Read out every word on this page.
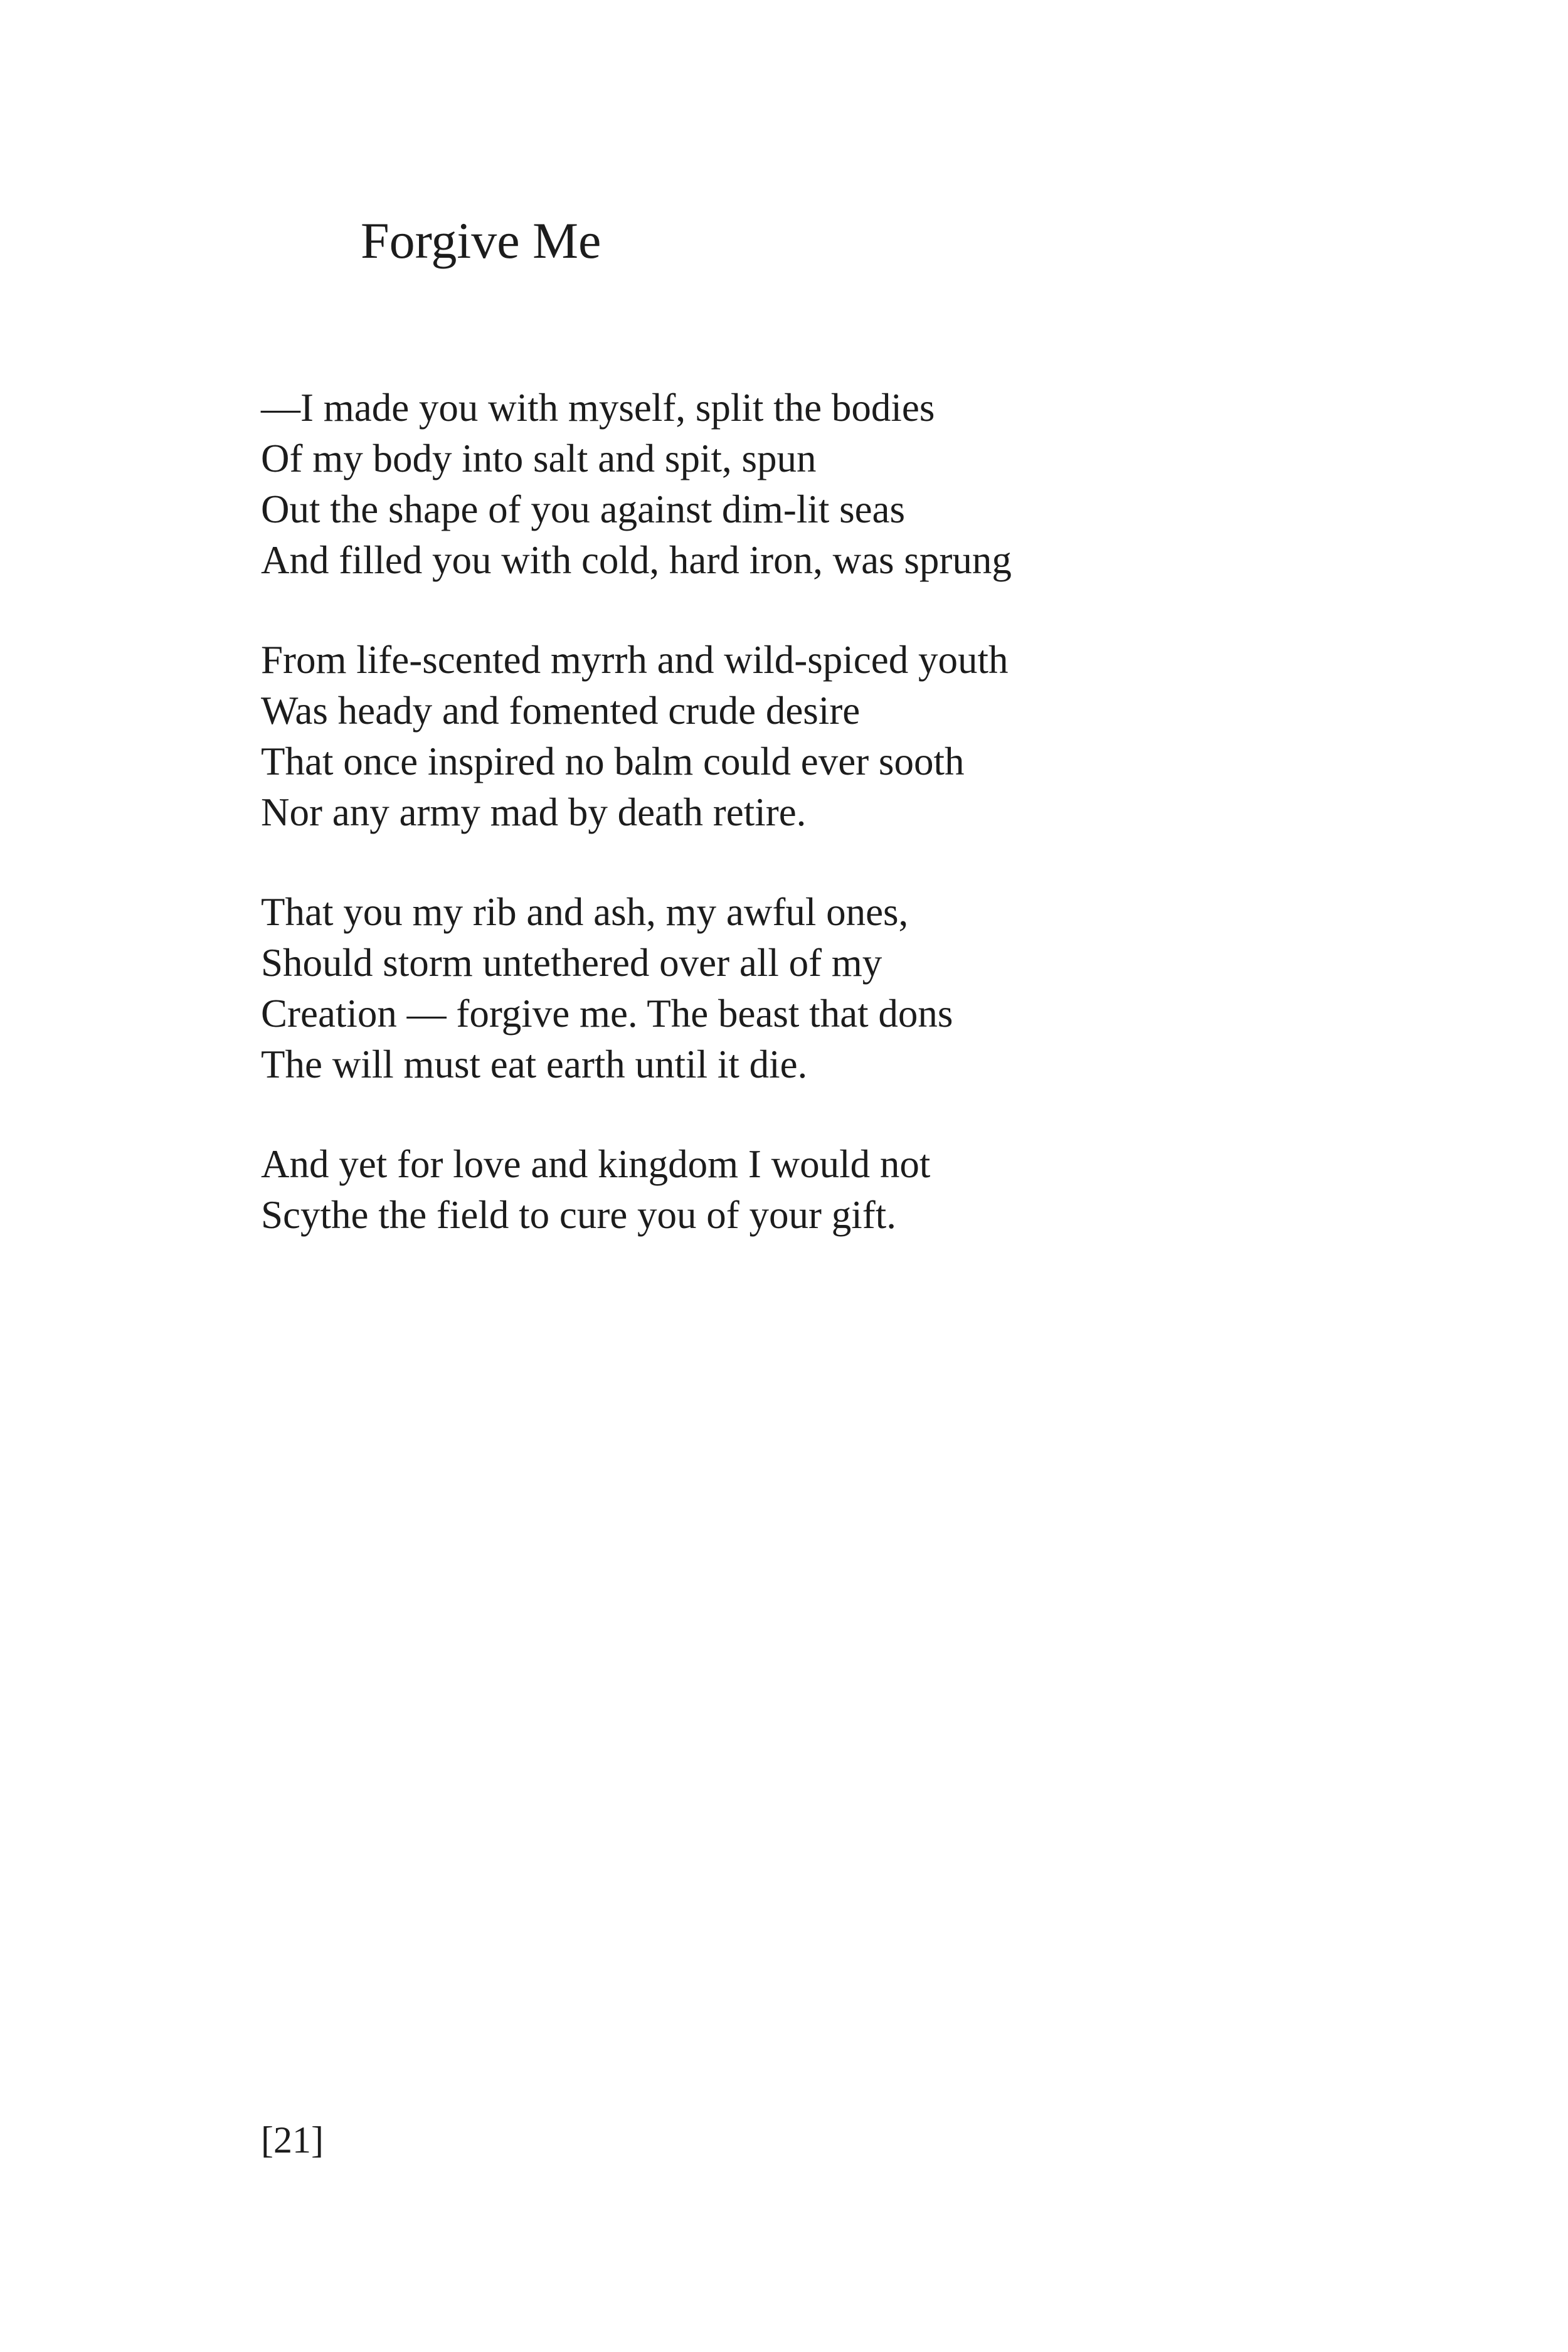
Forgive Me
—I made you with myself, split the bodies
Of my body into salt and spit, spun
Out the shape of you against dim-lit seas
And filled you with cold, hard iron, was sprung
From life-scented myrrh and wild-spiced youth
Was heady and fomented crude desire
That once inspired no balm could ever sooth
Nor any army mad by death retire.
That you my rib and ash, my awful ones,
Should storm untethered over all of my
Creation — forgive me. The beast that dons
The will must eat earth until it die.
And yet for love and kingdom I would not
Scythe the field to cure you of your gift.
[21]
